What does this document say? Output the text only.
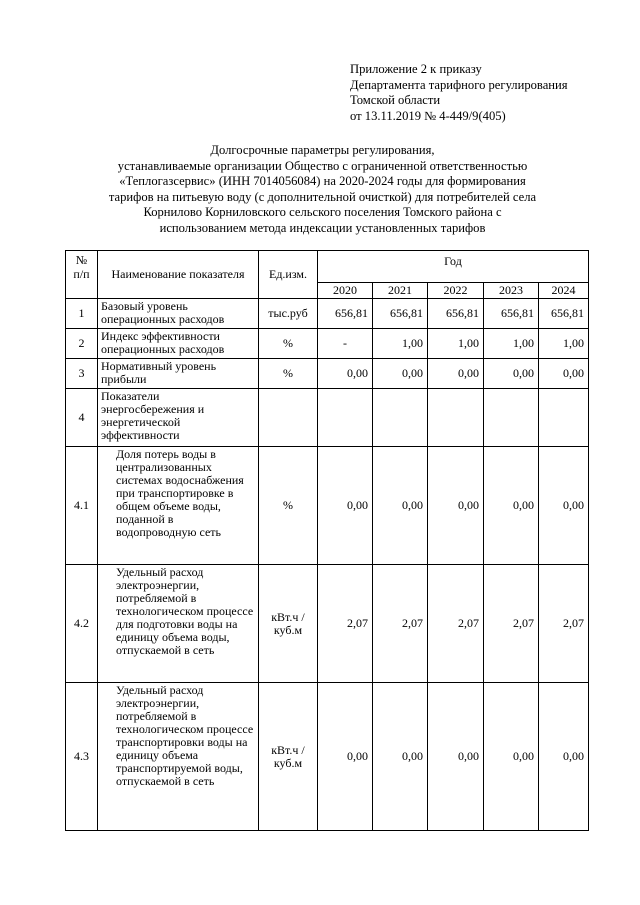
Приложение 2 к приказу
Департамента тарифного регулирования
Томской области
от 13.11.2019 № 4-449/9(405)
Долгосрочные параметры регулирования,
устанавливаемые организации Общество с ограниченной ответственностью
«Теплогазсервис» (ИНН 7014056084) на 2020-2024 годы для формирования
тарифов на питьевую воду (с дополнительной очисткой) для потребителей села
Корнилово Корниловского сельского поселения Томского района с
использованием метода индексации установленных тарифов
№
п/п	Наименование показателя	Ед.изм.	Год				
			2020	2021	2022	2023	2024
1	Базовый уровень операционных расходов	тыс.руб	656,81	656,81	656,81	656,81	656,81
2	Индекс эффективности операционных расходов	%	-	1,00	1,00	1,00	1,00
3	Нормативный уровень прибыли	%	0,00	0,00	0,00	0,00	0,00
4	Показатели энергосбережения и энергетической эффективности						
4.1	Доля потерь воды в централизованных системах водоснабжения при транспортировке в общем объеме воды, поданной в водопроводную сеть	%	0,00	0,00	0,00	0,00	0,00
4.2	Удельный расход электроэнергии, потребляемой в технологическом процессе для подготовки воды на единицу объема воды, отпускаемой в сеть	кВт.ч / куб.м	2,07	2,07	2,07	2,07	2,07
4.3	Удельный расход электроэнергии, потребляемой в технологическом процессе транспортировки воды на единицу объема транспортируемой воды, отпускаемой в сеть	кВт.ч / куб.м	0,00	0,00	0,00	0,00	0,00
